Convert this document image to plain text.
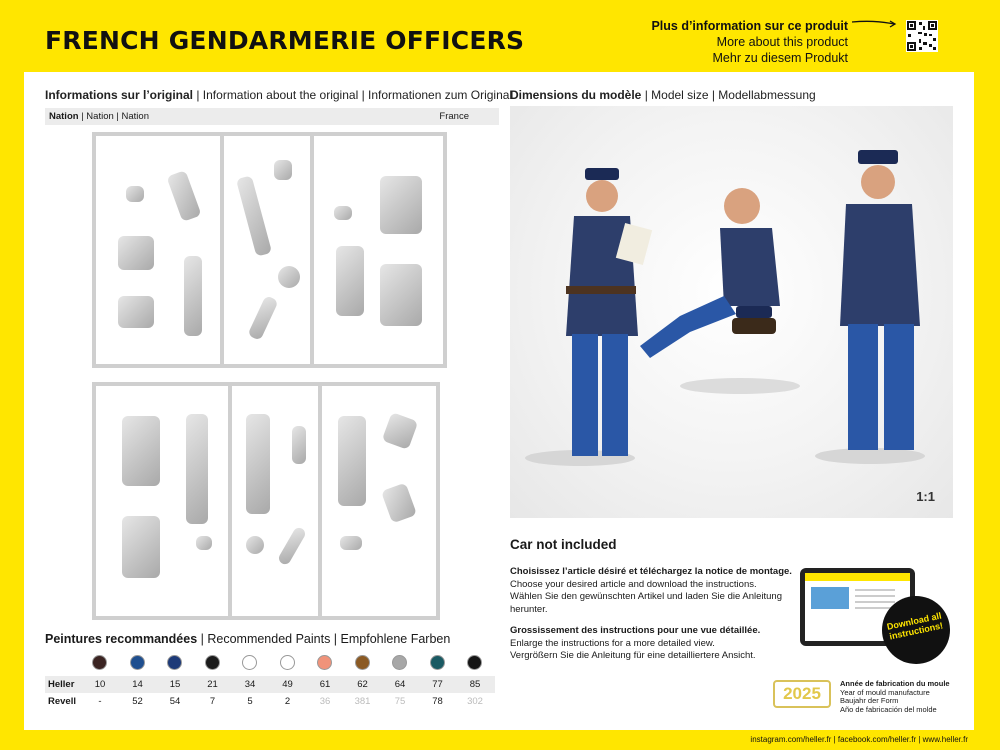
FRENCH GENDARMERIE OFFICERS	Plus d’information sur ce produit
More about this product
Mehr zu diesem Produkt
Informations sur l’original | Information about the original | Informationen zum Original
Nation | Nation | Nation	France
Peintures recommandées | Recommended Paints | Empfohlene Farben
Heller	10	14	15	21	34	49	61	62	64	77	85
Revell	-	52	54	7	5	2	36	381	75	78	302
Dimensions du modèle | Model size | Modellabmessung
1:1
Car not included
Choisissez l’article désiré et téléchargez la notice de montage.
Choose your desired article and download the instructions.
Wählen Sie den gewünschten Artikel und laden Sie die Anleitung herunter.
Grossissement des instructions pour une vue détaillée.
Enlarge the instructions for a more detailed view.
Vergrößern Sie die Anleitung für eine detailliertere Ansicht.
Download all instructions!
2025
Année de fabrication du moule
Year of mould manufacture
Baujahr der Form
Año de fabricación del molde
instagram.com/heller.fr | facebook.com/heller.fr | www.heller.fr
